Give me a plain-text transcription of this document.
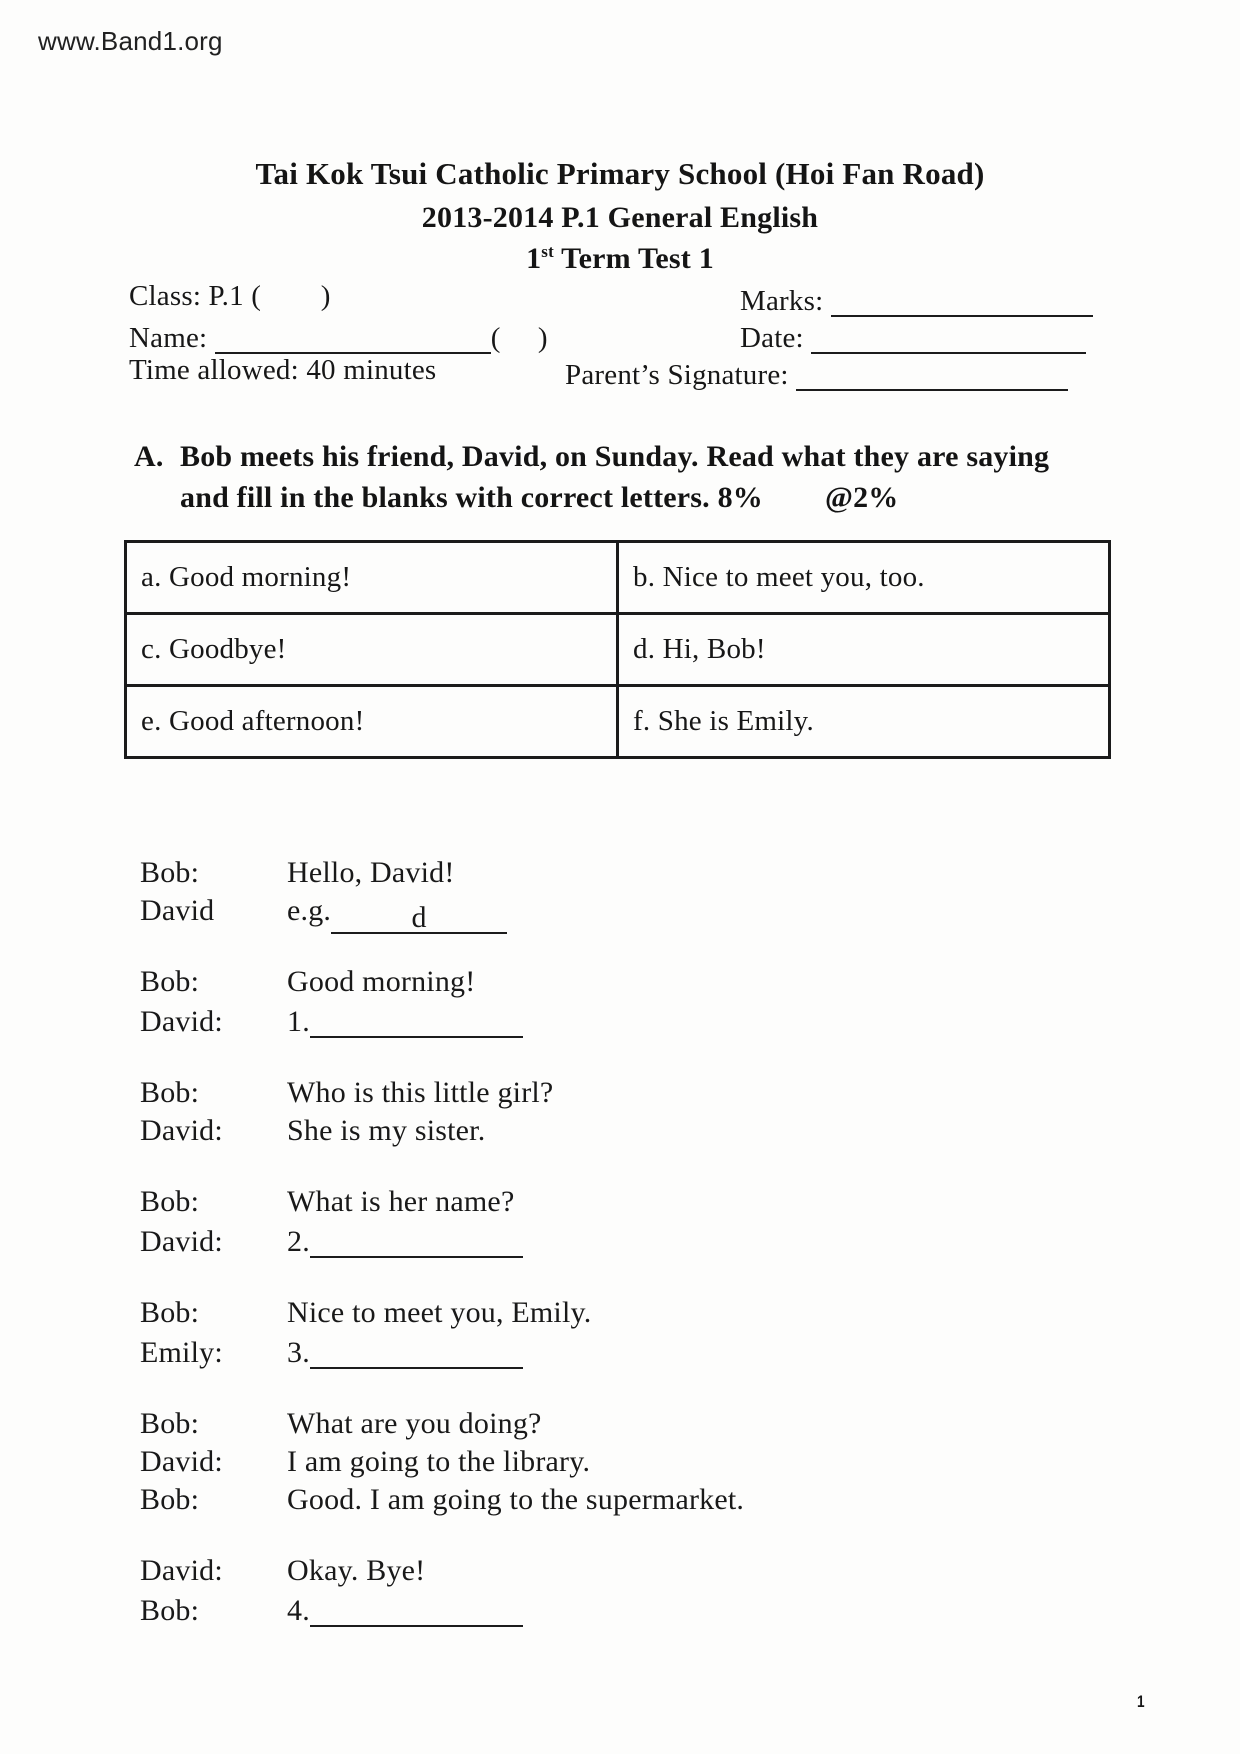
www.Band1.org
Tai Kok Tsui Catholic Primary School (Hoi Fan Road)
2013-2014 P.1 General English
1st Term Test 1
Class: P.1 (        )	Marks:
Name:	(     )	Date:
Time allowed: 40 minutes	Parent’s Signature:
A. Bob meets his friend, David, on Sunday. Read what they are saying
and fill in the blanks with correct letters. 8% @2%
a. Good morning!	b. Nice to meet you, too.
c. Goodbye!	d. Hi, Bob!
e. Good afternoon!	f. She is Emily.
Bob:	Hello, David!
David e.g.	d
Bob:	Good morning!
David: 1.
Bob:	Who is this little girl?
David: She is my sister.
Bob:	What is her name?
David: 2.
Bob:	Nice to meet you, Emily.
Emily: 3.
Bob:	What are you doing?
David: I am going to the library.
Bob:	Good. I am going to the supermarket.
David: Okay. Bye!
Bob:	4.
1
